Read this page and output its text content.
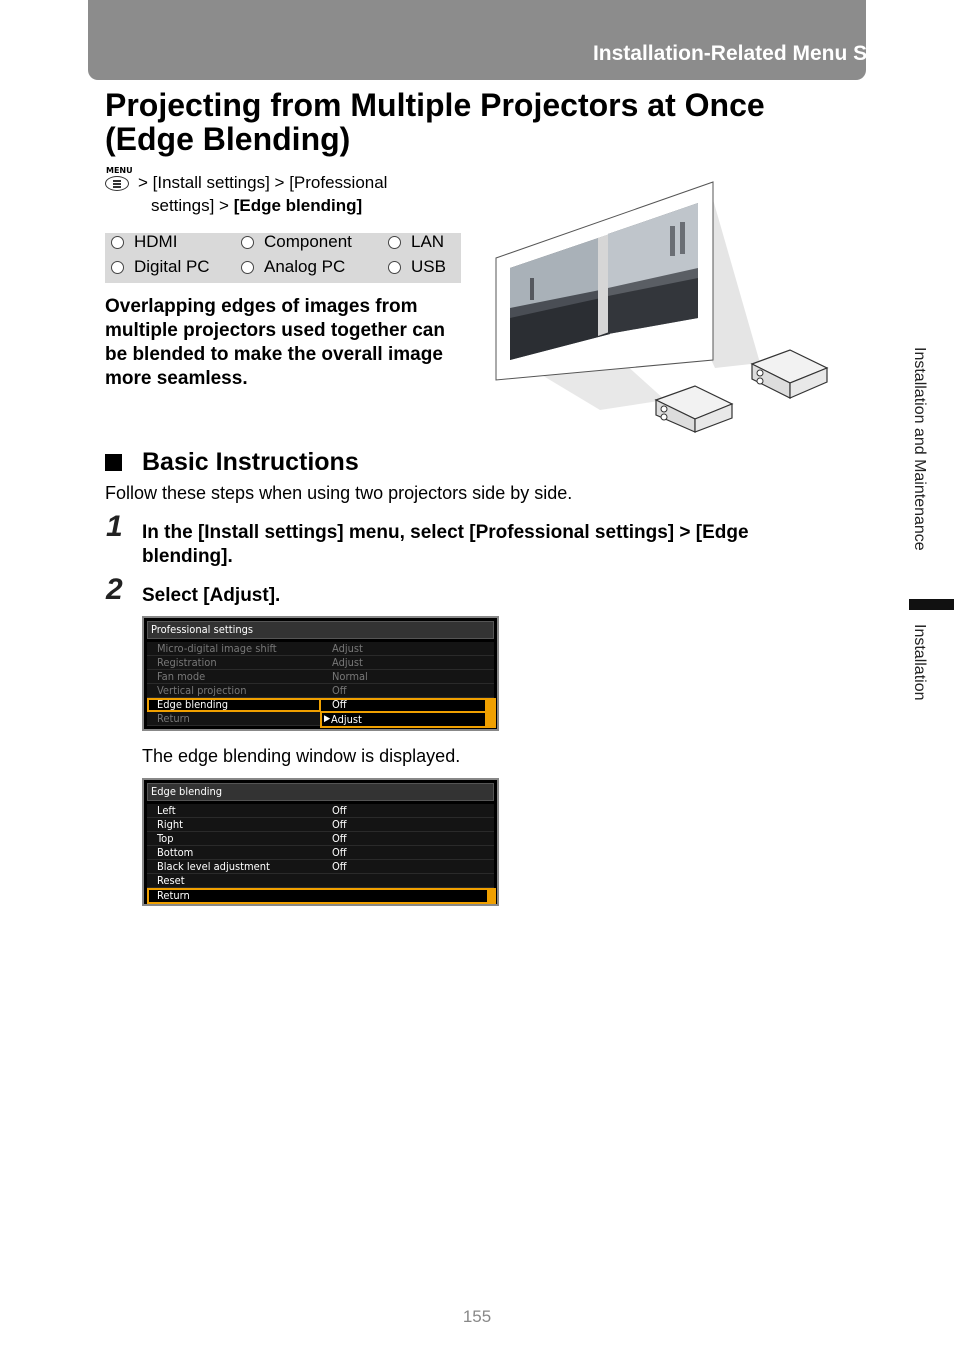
Installation-Related Menu Settings
Projecting from Multiple Projectors at Once (Edge Blending)
MENU
> [Install settings] > [Professional
settings] > [Edge blending]
HDMI	Component	LAN
Digital PC	Analog PC	USB

Overlapping edges of images from multiple projectors used together can be blended to make the overall image more seamless.

Basic Instructions
Follow these steps when using two projectors side by side.
1 In the [Install settings] menu, select [Professional settings] > [Edge blending].

2 Select [Adjust].

Professional settings
Micro-digital image shift	Adjust
Registration	Adjust
Fan mode	Normal
Vertical projection	Off
Edge blending	Off
Return	▶ Adjust
The edge blending window is displayed.
Edge blending
Left	Off
Right	Off
Top	Off
Bottom	Off
Black level adjustment	Off
Reset
Return
Installation and Maintenance
Installation
155
